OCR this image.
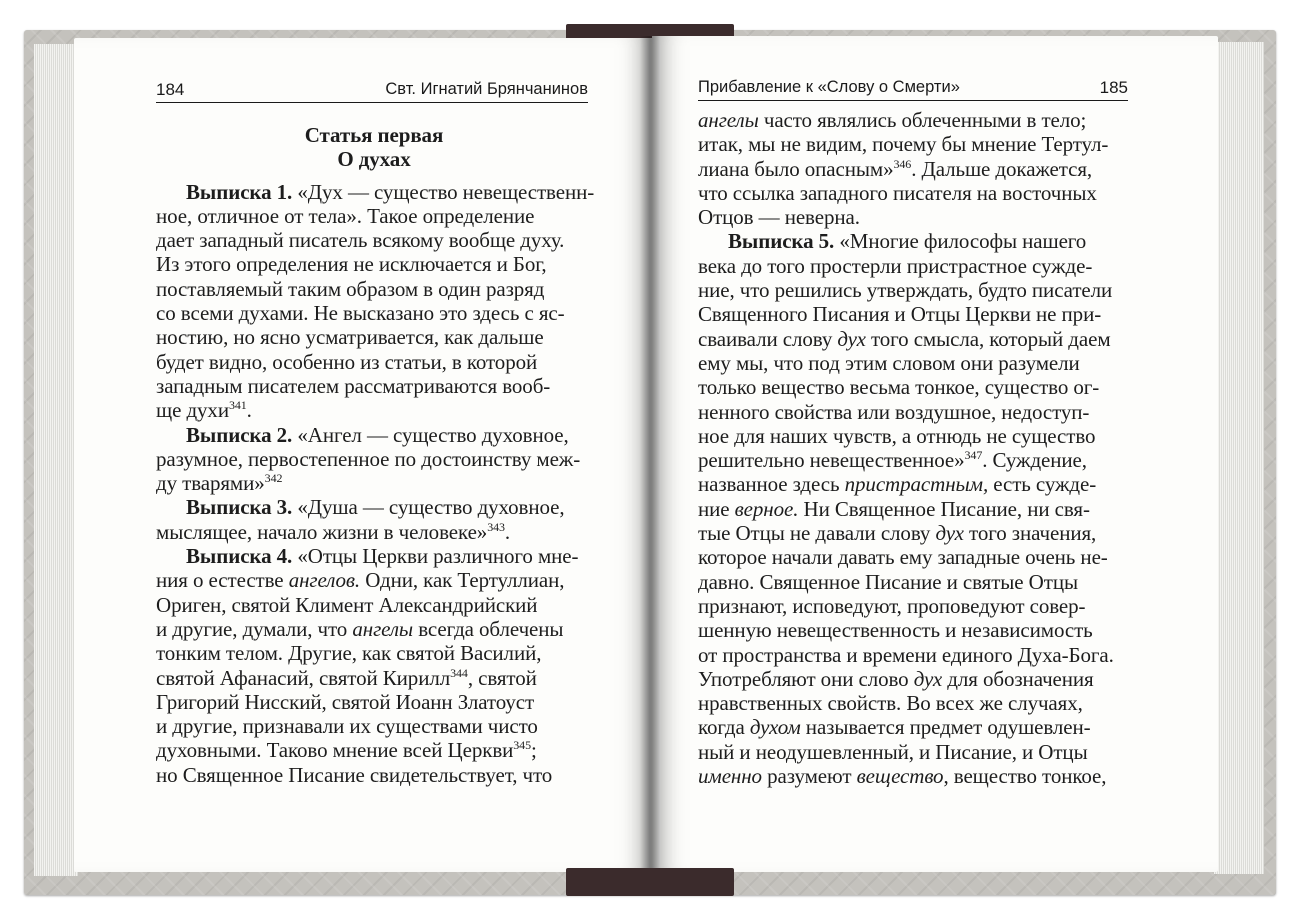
184	Свт. Игнатий Брянчанинов
Статья первая
О духах
Выписка 1. «Дух — существо невещественн-
ное, отличное от тела». Такое определение
дает западный писатель всякому вообще духу.
Из этого определения не исключается и Бог,
поставляемый таким образом в один разряд
со всеми духами. Не высказано это здесь с яс-
ностию, но ясно усматривается, как дальше
будет видно, особенно из статьи, в которой
западным писателем рассматриваются вооб-
ще духи$^{341}$.
Выписка 2. «Ангел — существо духовное,
разумное, первостепенное по достоинству меж-
ду тварями»$^{342}$
Выписка 3. «Душа — существо духовное,
мыслящее, начало жизни в человеке»$^{343}$.
Выписка 4. «Отцы Церкви различного мне-
ния о естестве ангелов. Одни, как Тертуллиан,
Ориген, святой Климент Александрийский
и другие, думали, что ангелы всегда облечены
тонким телом. Другие, как святой Василий,
святой Афанасий, святой Кирилл$^{344}$, святой
Григорий Нисский, святой Иоанн Златоуст
и другие, признавали их существами чисто
духовными. Таково мнение всей Церкви$^{345}$;
но Священное Писание свидетельствует, что
Прибавление к «Слову о Смерти»	185
ангелы часто являлись облеченными в тело;
итак, мы не видим, почему бы мнение Тертул-
лиана было опасным»$^{346}$. Дальше докажется,
что ссылка западного писателя на восточных
Отцов — неверна.
Выписка 5. «Многие философы нашего
века до того простерли пристрастное сужде-
ние, что решились утверждать, будто писатели
Священного Писания и Отцы Церкви не при-
сваивали слову дух того смысла, который даем
ему мы, что под этим словом они разумели
только вещество весьма тонкое, существо ог-
ненного свойства или воздушное, недоступ-
ное для наших чувств, а отнюдь не существо
решительно невещественное»$^{347}$. Суждение,
названное здесь пристрастным, есть сужде-
ние верное. Ни Священное Писание, ни свя-
тые Отцы не давали слову дух того значения,
которое начали давать ему западные очень не-
давно. Священное Писание и святые Отцы
признают, исповедуют, проповедуют совер-
шенную невещественность и независимость
от пространства и времени единого Духа-Бога.
Употребляют они слово дух для обозначения
нравственных свойств. Во всех же случаях,
когда духом называется предмет одушевлен-
ный и неодушевленный, и Писание, и Отцы
именно разумеют вещество, вещество тонкое,
